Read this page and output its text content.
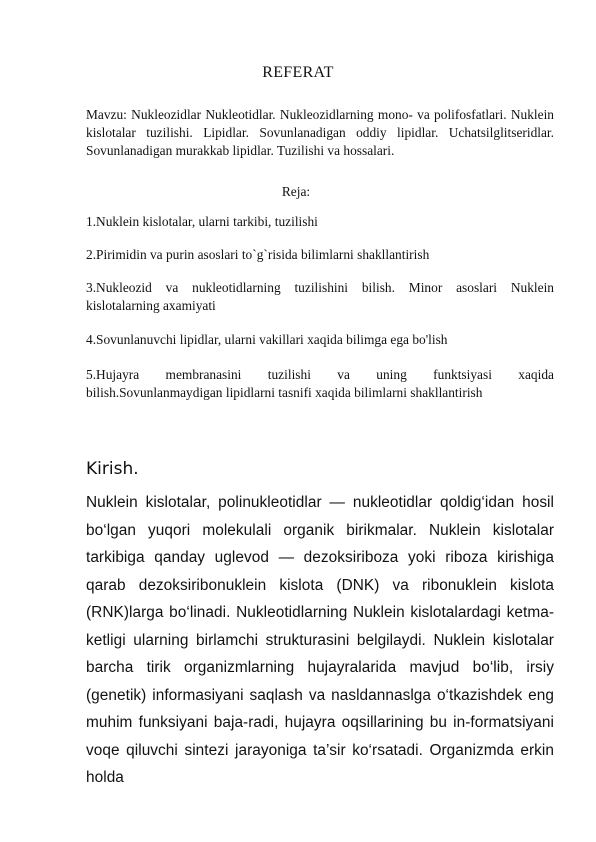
REFERAT
Mavzu: Nukleozidlar Nukleotidlar. Nukleozidlarning mono- va polifosfatlari. Nuklein kislotalar tuzilishi. Lipidlar. Sovunlanadigan oddiy lipidlar. Uchatsilglitseridlar. Sovunlanadigan murakkab lipidlar. Tuzilishi va hossalari.
Reja:
1.Nuklein kislotalar, ularni tarkibi, tuzilishi
2.Pirimidin va purin asoslari to`g`risida bilimlarni shakllantirish
3.Nukleozid va nukleotidlarning tuzilishini bilish. Minor asoslari Nuklein kislotalarning axamiyati
4.Sovunlanuvchi lipidlar, ularni vakillari xaqida bilimga ega bo'lish
5.Hujayra membranasini tuzilishi va uning funktsiyasi xaqida bilish.Sovunlanmaydigan lipidlarni tasnifi xaqida bilimlarni shakllantirish
Kirish.
Nuklein kislotalar, polinukleotidlar — nukleotidlar qoldig‘idan hosil bo‘lgan yuqori molekulali organik birikmalar. Nuklein kislotalar tarkibiga qanday uglevod — dezoksiriboza yoki riboza kirishiga qarab dezoksiribonuklein kislota (DNK) va ribonuklein kislota (RNK)larga bo‘linadi. Nukleotidlarning Nuklein kislotalardagi ketma-ketligi ularning birlamchi strukturasini belgilaydi. Nuklein kislotalar barcha tirik organizmlarning hujayralarida mavjud bo‘lib, irsiy (genetik) informasiyani saqlash va nasldannaslga o‘tkazishdek eng muhim funksiyani baja-radi, hujayra oqsillarining bu in-formatsiyani voqe qiluvchi sintezi jarayoniga ta’sir ko‘rsatadi. Organizmda erkin holda
